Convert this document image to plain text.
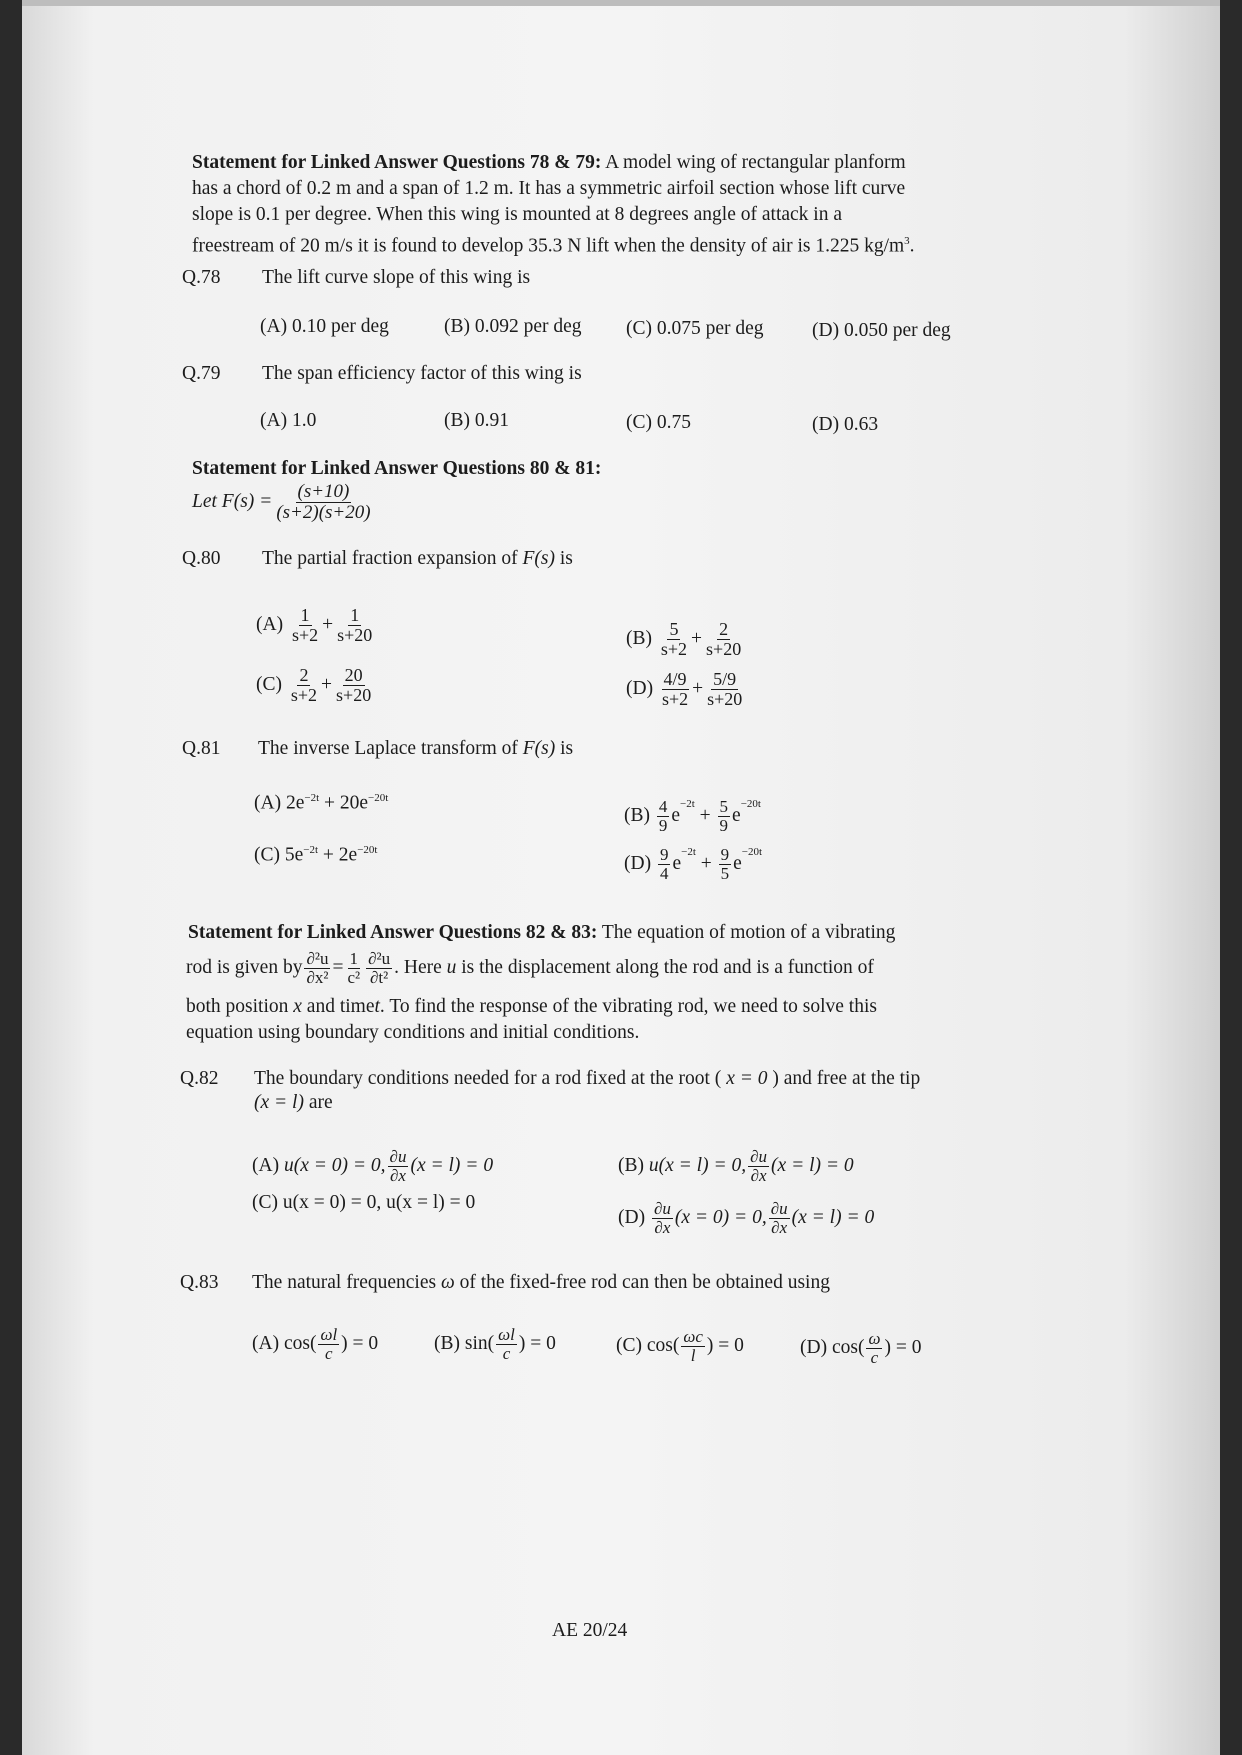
Statement for Linked Answer Questions 78 & 79: A model wing of rectangular planform
has a chord of 0.2 m and a span of 1.2 m. It has a symmetric airfoil section whose lift curve
slope is 0.1 per degree. When this wing is mounted at 8 degrees angle of attack in a
freestream of 20 m/s it is found to develop 35.3 N lift when the density of air is 1.225 $kg/m^3$.
Q.78 The lift curve slope of this wing is
(A) 0.10 per deg	(B) 0.092 per deg (C) 0.075 per deg (D) 0.050 per deg
Q.79 The span efficiency factor of this wing is
(A) 1.0	(B) 0.91	(C) 0.75	(D) 0.63
Statement for Linked Answer Questions 80 & 81:
Let
$F(s) = \frac{(s+10)}{(s+2)(s+20)}$
Q.80 The partial fraction expansion of F(s) is
(A)
$\frac{1}{s+2} + \frac{1}{s+20}$	(B)
$\frac{5}{s+2} + \frac{2}{s+20}$
(C)
$\frac{2}{s+2} + \frac{20}{s+20}$	(D)
$\frac{4/9}{s+2} + \frac{5/9}{s+20}$
Q.81 The inverse Laplace transform of F(s) is
(A) $2e^{-2t} + 20e^{-20t}$
(C) $5e^{-2t} + 2e^{-20t}$
(B)
$\frac{4}{9}$ e
$^{-2t}$

+
$\frac{5}{9}$ e
$^{-20t}$
(D)
$\frac{9}{4}$ e
$^{-2t}$

+
$\frac{9}{5}$ e
$^{-20t}$
Statement for Linked Answer Questions 82 & 83: The equation of motion of a vibrating
rod is given by $\frac{\text{∂²u}}{\text{∂x²}} = \frac{1}{\text{c²}} \frac{\text{∂²u}}{\text{∂t²}}$ . Here
u
is the displacement along the rod and is a function of
both position x and timet. To find the response of the vibrating rod, we need to solve this
equation using boundary conditions and initial conditions.
Q.82 The boundary conditions needed for a rod fixed at the root ( x = 0 ) and free at the tip
(x = l) are
(A)
u(x = 0) = 0, $\frac{\partial u}{\partial x} (x = l) = 0$	(B)
u(x = l) = 0, $\frac{\partial u}{\partial x} (x = l) = 0$
(C) u(x = 0) = 0, u(x = l) = 0
(D)
$\frac{\partial u}{\partial x} (x = 0) = 0$, $\frac{\partial u}{\partial x} (x = l) = 0$
Q.83 The natural frequencies ω of the fixed-free rod can then be obtained using
(A) $\cos( \frac{\omega l}{c}$ ) = 0	(B) $\sin( \frac{\omega l}{c}$ ) = 0	(C) $\cos( \frac{\omega c}{l}$ ) = 0	(D) $\cos( \frac{\omega}{c}$ ) = 0
AE 20/24
